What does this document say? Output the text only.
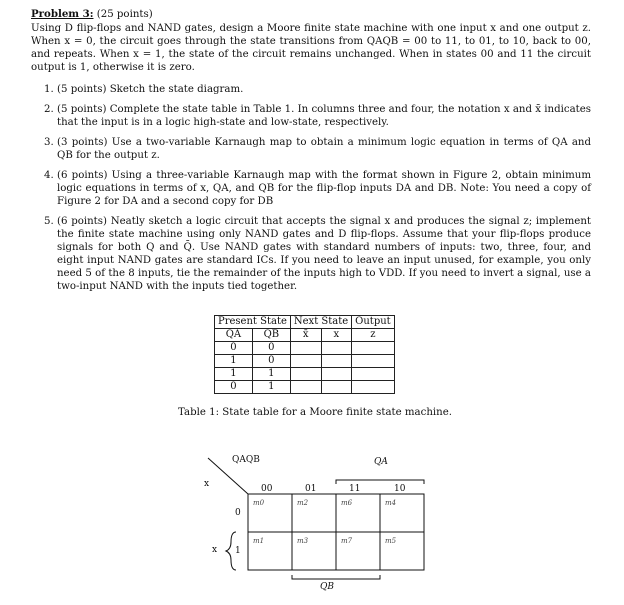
Problem 3: (25 points)

Using D flip-flops and NAND gates, design a Moore finite state machine with one input x and one output z. When x = 0, the circuit goes through the state transitions from QAQB = 00 to 11, to 01, to 10, back to 00, and repeats. When x = 1, the state of the circuit remains unchanged. When in states 00 and 11 the circuit output is 1, otherwise it is zero.

1. (5 points) Sketch the state diagram.
2. (5 points) Complete the state table in Table 1. In columns three and four, the notation x and x̄ indicates that the input is in a logic high-state and low-state, respectively.
3. (3 points) Use a two-variable Karnaugh map to obtain a minimum logic equation in terms of QA and QB for the output z.
4. (6 points) Using a three-variable Karnaugh map with the format shown in Figure 2, obtain minimum logic equations in terms of x, QA, and QB for the flip-flop inputs DA and DB. Note: You need a copy of Figure 2 for DA and a second copy for DB
5. (6 points) Neatly sketch a logic circuit that accepts the signal x and produces the signal z; implement the finite state machine using only NAND gates and D flip-flops. Assume that your flip-flops produce signals for both Q and Q̄. Use NAND gates with standard numbers of inputs: two, three, four, and eight input NAND gates are standard ICs. If you need to leave an input unused, for example, you only need 5 of the 8 inputs, tie the remainder of the inputs high to VDD. If you need to invert a signal, use a two-input NAND with the inputs tied together.
Present State		Next State		Output
QA	QB	x̄	x	z
0	0			
1	0			
1	1			
0	1			
Table 1: State table for a Moore finite state machine.
QAQB
x
QA
00	01	11	10
0
1
x
QB
m0	m2	m6	m4
m1	m3	m7	m5
